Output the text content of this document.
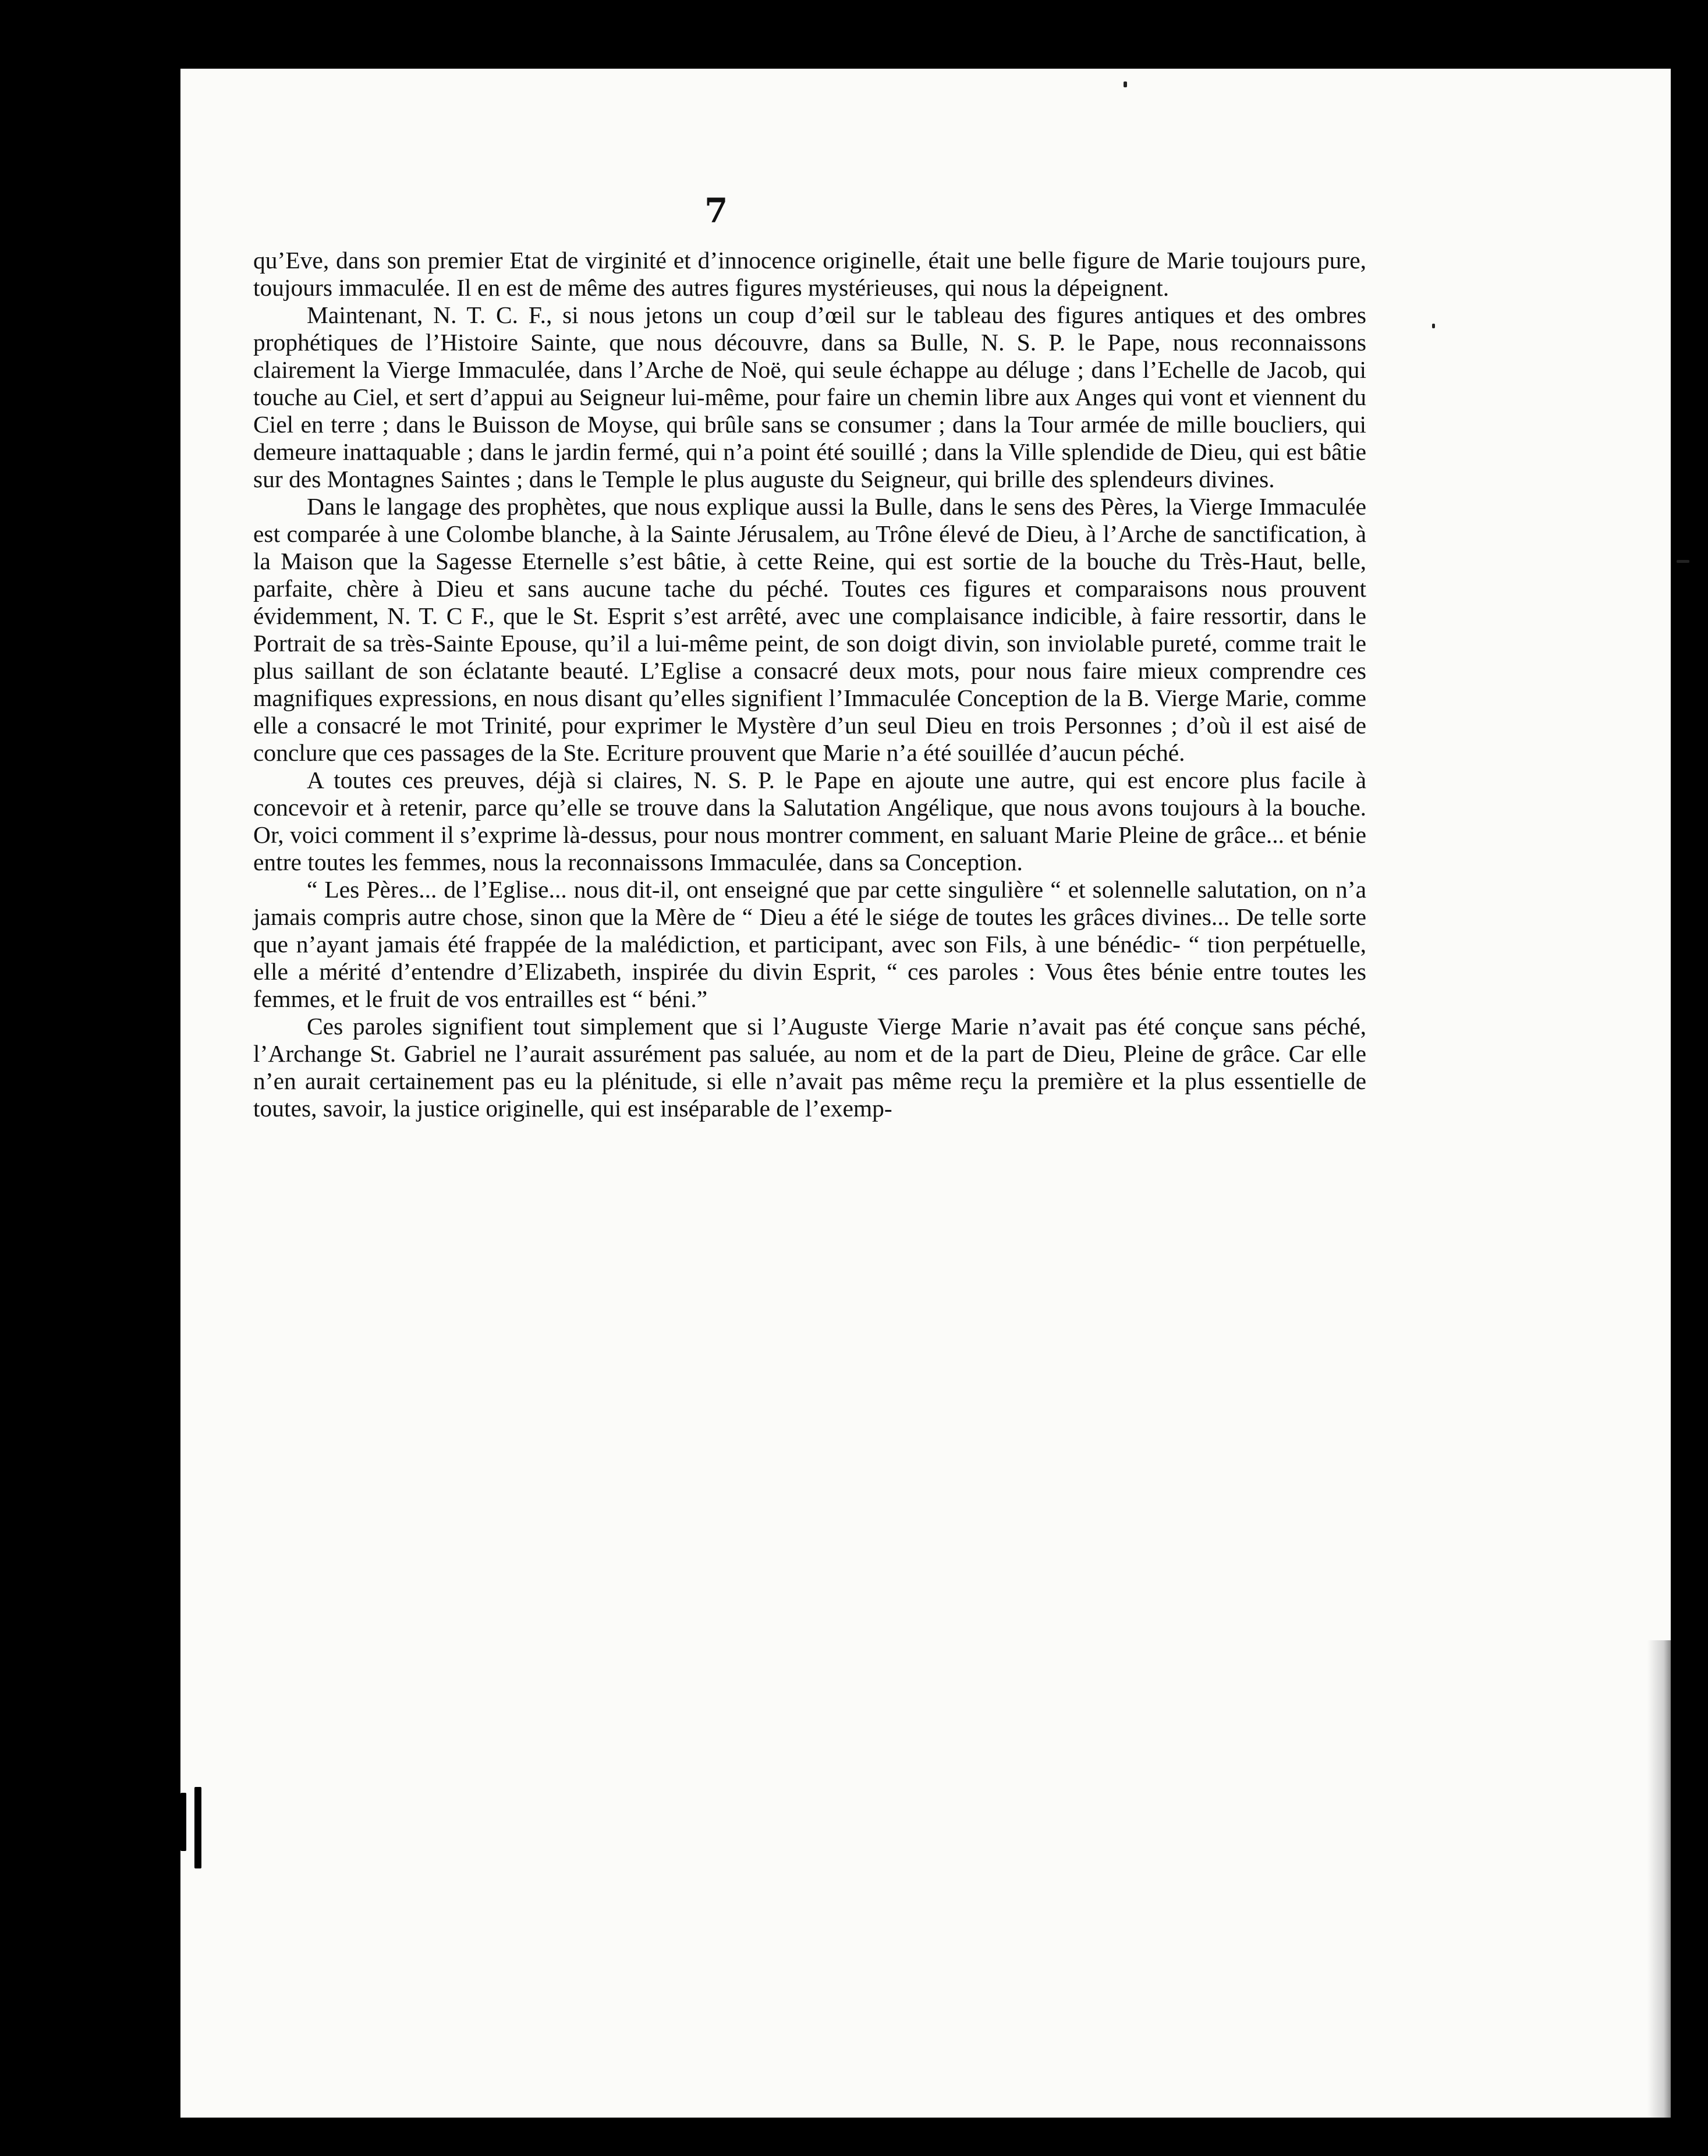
7

qu’Eve, dans son premier Etat de virginité et d’innocence originelle, était une belle figure de Marie toujours pure, toujours immaculée. Il en est de même des autres figures mystérieuses, qui nous la dépeignent.

Maintenant, N. T. C. F., si nous jetons un coup d’œil sur le tableau des figures antiques et des ombres prophétiques de l’Histoire Sainte, que nous découvre, dans sa Bulle, N. S. P. le Pape, nous reconnaissons clairement la Vierge Immaculée, dans l’Arche de Noë, qui seule échappe au déluge ; dans l’Echelle de Jacob, qui touche au Ciel, et sert d’appui au Seigneur lui-même, pour faire un chemin libre aux Anges qui vont et viennent du Ciel en terre ; dans le Buisson de Moyse, qui brûle sans se consumer ; dans la Tour armée de mille boucliers, qui demeure inattaquable ; dans le jardin fermé, qui n’a point été souillé ; dans la Ville splendide de Dieu, qui est bâtie sur des Montagnes Saintes ; dans le Temple le plus auguste du Seigneur, qui brille des splendeurs divines.

Dans le langage des prophètes, que nous explique aussi la Bulle, dans le sens des Pères, la Vierge Immaculée est comparée à une Colombe blanche, à la Sainte Jérusalem, au Trône élevé de Dieu, à l’Arche de sanctification, à la Maison que la Sagesse Eternelle s’est bâtie, à cette Reine, qui est sortie de la bouche du Très-Haut, belle, parfaite, chère à Dieu et sans aucune tache du péché. Toutes ces figures et comparaisons nous prouvent évidemment, N. T. C F., que le St. Esprit s’est arrêté, avec une complaisance indicible, à faire ressortir, dans le Portrait de sa très-Sainte Epouse, qu’il a lui-même peint, de son doigt divin, son inviolable pureté, comme trait le plus saillant de son éclatante beauté. L’Eglise a consacré deux mots, pour nous faire mieux comprendre ces magnifiques expressions, en nous disant qu’elles signifient l’Immaculée Conception de la B. Vierge Marie, comme elle a consacré le mot Trinité, pour exprimer le Mystère d’un seul Dieu en trois Personnes ; d’où il est aisé de conclure que ces passages de la Ste. Ecriture prouvent que Marie n’a été souillée d’aucun péché.

A toutes ces preuves, déjà si claires, N. S. P. le Pape en ajoute une autre, qui est encore plus facile à concevoir et à retenir, parce qu’elle se trouve dans la Salutation Angélique, que nous avons toujours à la bouche. Or, voici comment il s’exprime là-dessus, pour nous montrer comment, en saluant Marie Pleine de grâce... et bénie entre toutes les femmes, nous la reconnaissons Immaculée, dans sa Conception.

“ Les Pères... de l’Eglise... nous dit-il, ont enseigné que par cette singulière “ et solennelle salutation, on n’a jamais compris autre chose, sinon que la Mère de “ Dieu a été le siége de toutes les grâces divines... De telle sorte que n’ayant jamais été frappée de la malédiction, et participant, avec son Fils, à une bénédic- “ tion perpétuelle, elle a mérité d’entendre d’Elizabeth, inspirée du divin Esprit, “ ces paroles : Vous êtes bénie entre toutes les femmes, et le fruit de vos entrailles est “ béni.”

Ces paroles signifient tout simplement que si l’Auguste Vierge Marie n’avait pas été conçue sans péché, l’Archange St. Gabriel ne l’aurait assurément pas saluée, au nom et de la part de Dieu, Pleine de grâce. Car elle n’en aurait certainement pas eu la plénitude, si elle n’avait pas même reçu la première et la plus essentielle de toutes, savoir, la justice originelle, qui est inséparable de l’exemp-
